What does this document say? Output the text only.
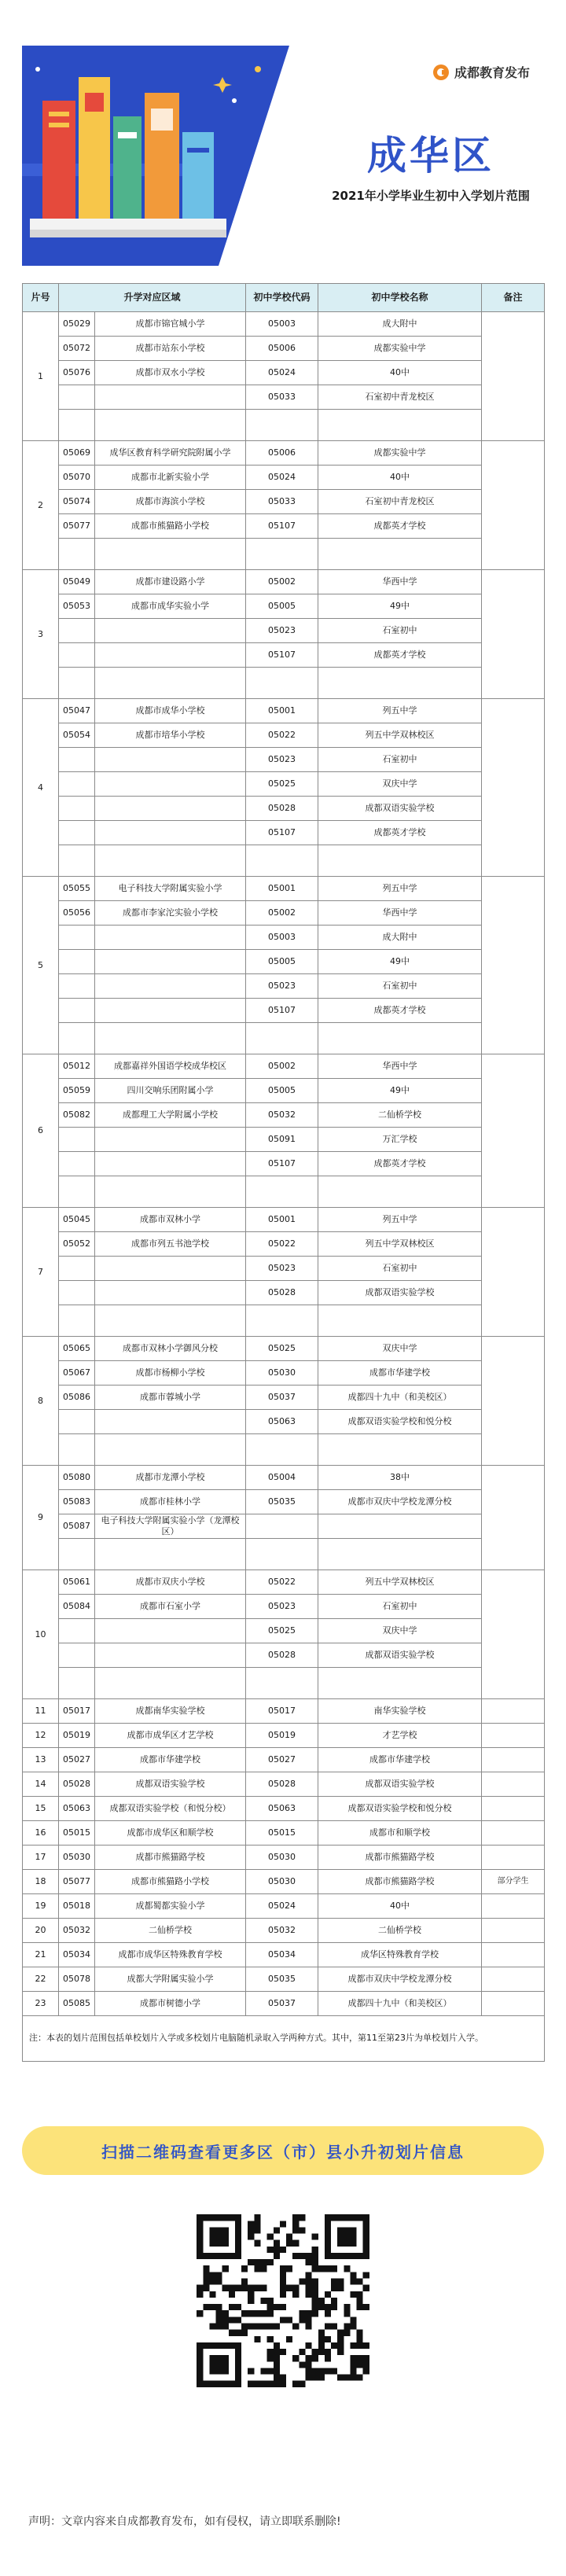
成都教育发布
成华区
2021年小学毕业生初中入学划片范围
片号	升学对应区域		初中学校代码	初中学校名称	备注
1	05029	成都市锦官城小学	05003	成大附中	
	05072	成都市站东小学校	05006	成都实验中学	
	05076	成都市双水小学校	05024	40中	
			05033	石室初中青龙校区	

2	05069	成华区教育科学研究院附属小学	05006	成都实验中学	
	05070	成都市北新实验小学	05024	40中	
	05074	成都市海滨小学校	05033	石室初中青龙校区	
	05077	成都市熊猫路小学校	05107	成都英才学校	

3	05049	成都市建设路小学	05002	华西中学	
	05053	成都市成华实验小学	05005	49中	
			05023	石室初中	
			05107	成都英才学校	

4	05047	成都市成华小学校	05001	列五中学	
	05054	成都市培华小学校	05022	列五中学双林校区	
			05023	石室初中	
			05025	双庆中学	
			05028	成都双语实验学校	
			05107	成都英才学校	

5	05055	电子科技大学附属实验小学	05001	列五中学	
	05056	成都市李家沱实验小学校	05002	华西中学	
			05003	成大附中	
			05005	49中	
			05023	石室初中	
			05107	成都英才学校	

6	05012	成都嘉祥外国语学校成华校区	05002	华西中学	
	05059	四川交响乐团附属小学	05005	49中	
	05082	成都理工大学附属小学校	05032	二仙桥学校	
			05091	万汇学校	
			05107	成都英才学校	

7	05045	成都市双林小学	05001	列五中学	
	05052	成都市列五书池学校	05022	列五中学双林校区	
			05023	石室初中	
			05028	成都双语实验学校	

8	05065	成都市双林小学御风分校	05025	双庆中学	
	05067	成都市杨柳小学校	05030	成都市华建学校	
	05086	成都市蓉城小学	05037	成都四十九中（和美校区）	
			05063	成都双语实验学校和悦分校	

9	05080	成都市龙潭小学校	05004	38中	
	05083	成都市桂林小学	05035	成都市双庆中学校龙潭分校	
	05087	电子科技大学附属实验小学（龙潭校区）			

10	05061	成都市双庆小学校	05022	列五中学双林校区	
	05084	成都市石室小学	05023	石室初中	
			05025	双庆中学	
			05028	成都双语实验学校	

11	05017	成都南华实验学校	05017	南华实验学校	
12	05019	成都市成华区才艺学校	05019	才艺学校	
13	05027	成都市华建学校	05027	成都市华建学校	
14	05028	成都双语实验学校	05028	成都双语实验学校	
15	05063	成都双语实验学校（和悦分校）	05063	成都双语实验学校和悦分校	
16	05015	成都市成华区和顺学校	05015	成都市和顺学校	
17	05030	成都市熊猫路学校	05030	成都市熊猫路学校	
18	05077	成都市熊猫路小学校	05030	成都市熊猫路学校	部分学生
19	05018	成都蜀都实验小学	05024	40中	
20	05032	二仙桥学校	05032	二仙桥学校	
21	05034	成都市成华区特殊教育学校	05034	成华区特殊教育学校	
22	05078	成都大学附属实验小学	05035	成都市双庆中学校龙潭分校	
23	05085	成都市树德小学	05037	成都四十九中（和美校区）	
注：本表的划片范围包括单校划片入学或多校划片电脑随机录取入学两种方式。其中，第11至第23片为单校划片入学。					
扫描二维码查看更多区（市）县小升初划片信息
声明：文章内容来自成都教育发布，如有侵权，请立即联系删除!
